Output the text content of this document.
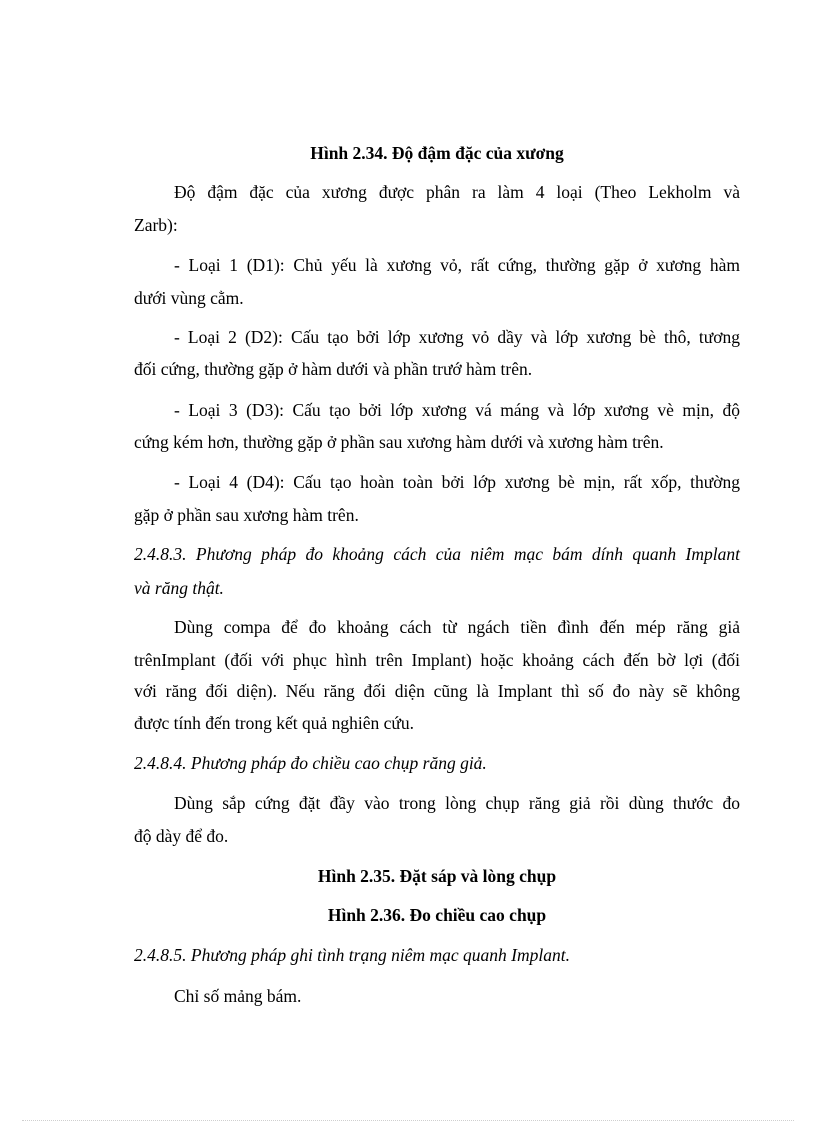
Hình 2.34. Độ đậm đặc của xương
Độ đậm đặc của xương được phân ra làm 4 loại (Theo Lekholm và
Zarb):
- Loại 1 (D1): Chủ yếu là xương vỏ, rất cứng, thường gặp ở xương hàm
dưới vùng cằm.
- Loại 2 (D2): Cấu tạo bởi lớp xương vỏ dầy và lớp xương bè thô, tương
đối cứng, thường gặp ở hàm dưới và phần trướ hàm trên.
- Loại 3 (D3): Cấu tạo bởi lớp xương vá máng và lớp xương vè mịn, độ
cứng kém hơn, thường gặp ở phần sau xương hàm dưới và xương hàm trên.
- Loại 4 (D4): Cấu tạo hoàn toàn bởi lớp xương bè mịn, rất xốp, thường
gặp ở phần sau xương hàm trên.
2.4.8.3. Phương pháp đo khoảng cách của niêm mạc bám dính quanh Implant
và răng thật.
Dùng compa để đo khoảng cách từ ngách tiền đình đến mép răng giả
trênImplant (đối với phục hình trên Implant) hoặc khoảng cách đến bờ lợi (đối
với răng đối diện). Nếu răng đối diện cũng là Implant thì số đo này sẽ không
được tính đến trong kết quả nghiên cứu.
2.4.8.4. Phương pháp đo chiều cao chụp răng giả.
Dùng sắp cứng đặt đầy vào trong lòng chụp răng giả rồi dùng thước đo
độ dày để đo.
Hình 2.35. Đặt sáp và lòng chụp
Hình 2.36. Đo chiều cao chụp
2.4.8.5. Phương pháp ghi tình trạng niêm mạc quanh Implant.
Chỉ số mảng bám.
